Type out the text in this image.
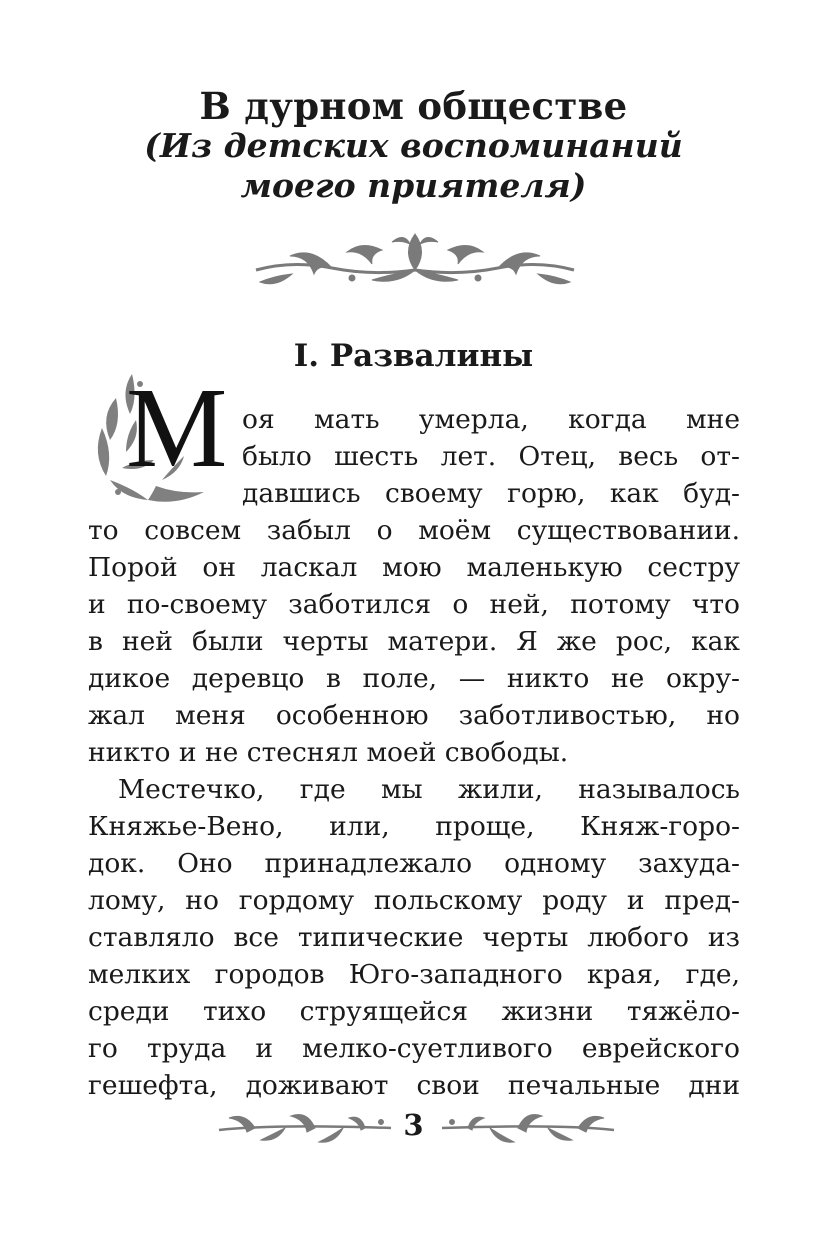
В дурном обществе
(Из детских воспоминаний
моего приятеля)
I. Развалины
М оя мать умерла, когда мне
было шесть лет. Отец, весь от-
давшись своему горю, как буд-
то совсем забыл о моём существовании.
Порой он ласкал мою маленькую сестру
и по-своему заботился о ней, потому что
в ней были черты матери. Я же рос, как
дикое деревцо в поле, — никто не окру-
жал меня особенною заботливостью, но
никто и не стеснял моей свободы.
Местечко, где мы жили, называлось
Княжье-Вено, или, проще, Княж-горо-
док. Оно принадлежало одному захуда-
лому, но гордому польскому роду и пред-
ставляло все типические черты любого из
мелких городов Юго-западного края, где,
среди тихо струящейся жизни тяжёло-
го труда и мелко-суетливого еврейского
гешефта, доживают свои печальные дни
3
